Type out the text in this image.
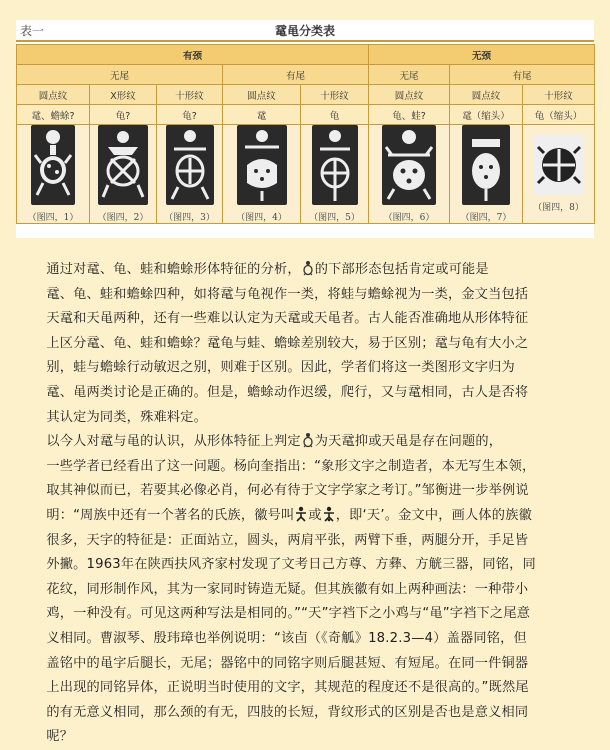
表一	鼋黾分类表
有颈					无颈		
无尾			有尾		无尾	有尾	
圆点纹	X形纹	十形纹	圆点纹	十形纹	圆点纹	圆点纹	十形纹
鼋、蟾蜍?	龟?	龟?	鼋	龟	龟、蛙?	鼋（缩头）	龟（缩头）

（图四，1）	（图四，2）	（图四，3）	（图四，4）	（图四，5）	（图四，6）	（图四，7）	（图四，8）

通过对鼋、龟、蛙和蟾蜍形体特征的分析， 的下部形态包括肯定或可能是
鼋、龟、蛙和蟾蜍四种，如将鼋与龟视作一类，将蛙与蟾蜍视为一类，金文当包括
天鼋和天黾两种，还有一些难以认定为天鼋或天黾者。古人能否准确地从形体特征
上区分鼋、龟、蛙和蟾蜍？鼋龟与蛙、蟾蜍差别较大，易于区别；鼋与龟有大小之
别，蛙与蟾蜍行动敏迟之别，则难于区别。因此，学者们将这一类图形文字归为
鼋、黾两类讨论是正确的。但是，蟾蜍动作迟缓，爬行，又与鼋相同，古人是否将
其认定为同类，殊难料定。

以今人对鼋与黾的认识，从形体特征上判定 为天鼋抑或天黾是存在问题的，
一些学者已经看出了这一问题。杨向奎指出：“象形文字之制造者，本无写生本领，
取其神似而已，若要其必像必肖，何必有待于文字学家之考订。”邹衡进一步举例说
明：“周族中还有一个著名的氏族，徽号叫 或 ，即‘天’。金文中，画人体的族徽
很多，天字的特征是：正面站立，圆头，两肩平张，两臂下垂，两腿分开，手足皆
外撇。1963年在陕西扶风齐家村发现了文考日己方尊、方彝、方觥三器，同铭，同
花纹，同形制作风，其为一家同时铸造无疑。但其族徽有如上两种画法：一种带小
鸡，一种没有。可见这两种写法是相同的。”“天”字裆下之小鸡与“黾”字裆下之尾意
义相同。曹淑琴、殷玮璋也举例说明：“该卣（《奇觚》18.2.3—4）盖器同铭，但
盖铭中的黾字后腿长，无尾；器铭中的同铭字则后腿甚短、有短尾。在同一件铜器
上出现的同铭异体，正说明当时使用的文字，其规范的程度还不是很高的。”既然尾
的有无意义相同，那么颈的有无，四肢的长短，背纹形式的区别是否也是意义相同
呢？
